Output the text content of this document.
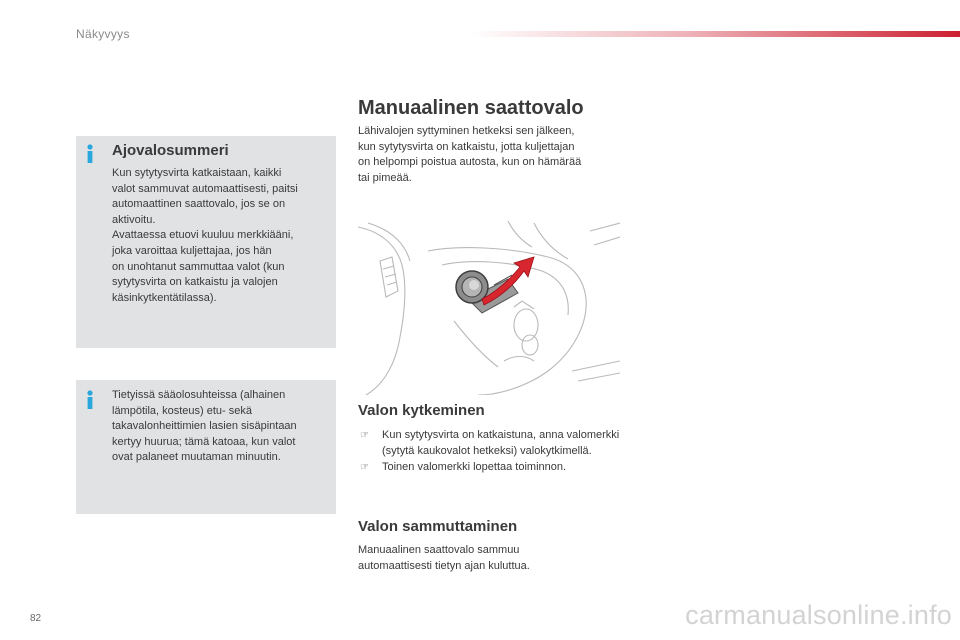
Näkyvyys
Ajovalosummeri

Kun sytytysvirta katkaistaan, kaikki

valot sammuvat automaattisesti, paitsi

automaattinen saattovalo, jos se on

aktivoitu.

Avattaessa etuovi kuuluu merkkiääni,

joka varoittaa kuljettajaa, jos hän

on unohtanut sammuttaa valot (kun

sytytysvirta on katkaistu ja valojen

käsinkytkentätilassa).

Tietyissä sääolosuhteissa (alhainen

lämpötila, kosteus) etu- sekä

takavalonheittimien lasien sisäpintaan

kertyy huurua; tämä katoaa, kun valot

ovat palaneet muutaman minuutin.

Manuaalinen saattovalo
Lähivalojen syttyminen hetkeksi sen jälkeen,
kun sytytysvirta on katkaistu, jotta kuljettajan
on helpompi poistua autosta, kun on hämärää
tai pimeää.
Valon kytkeminen
☞ Kun sytytysvirta on katkaistuna, anna valomerkki (sytytä kaukovalot hetkeksi) valokytkimellä.
☞ Toinen valomerkki lopettaa toiminnon.
Valon sammuttaminen
Manuaalinen saattovalo sammuu
automaattisesti tietyn ajan kuluttua.
82	carmanualsonline.info
